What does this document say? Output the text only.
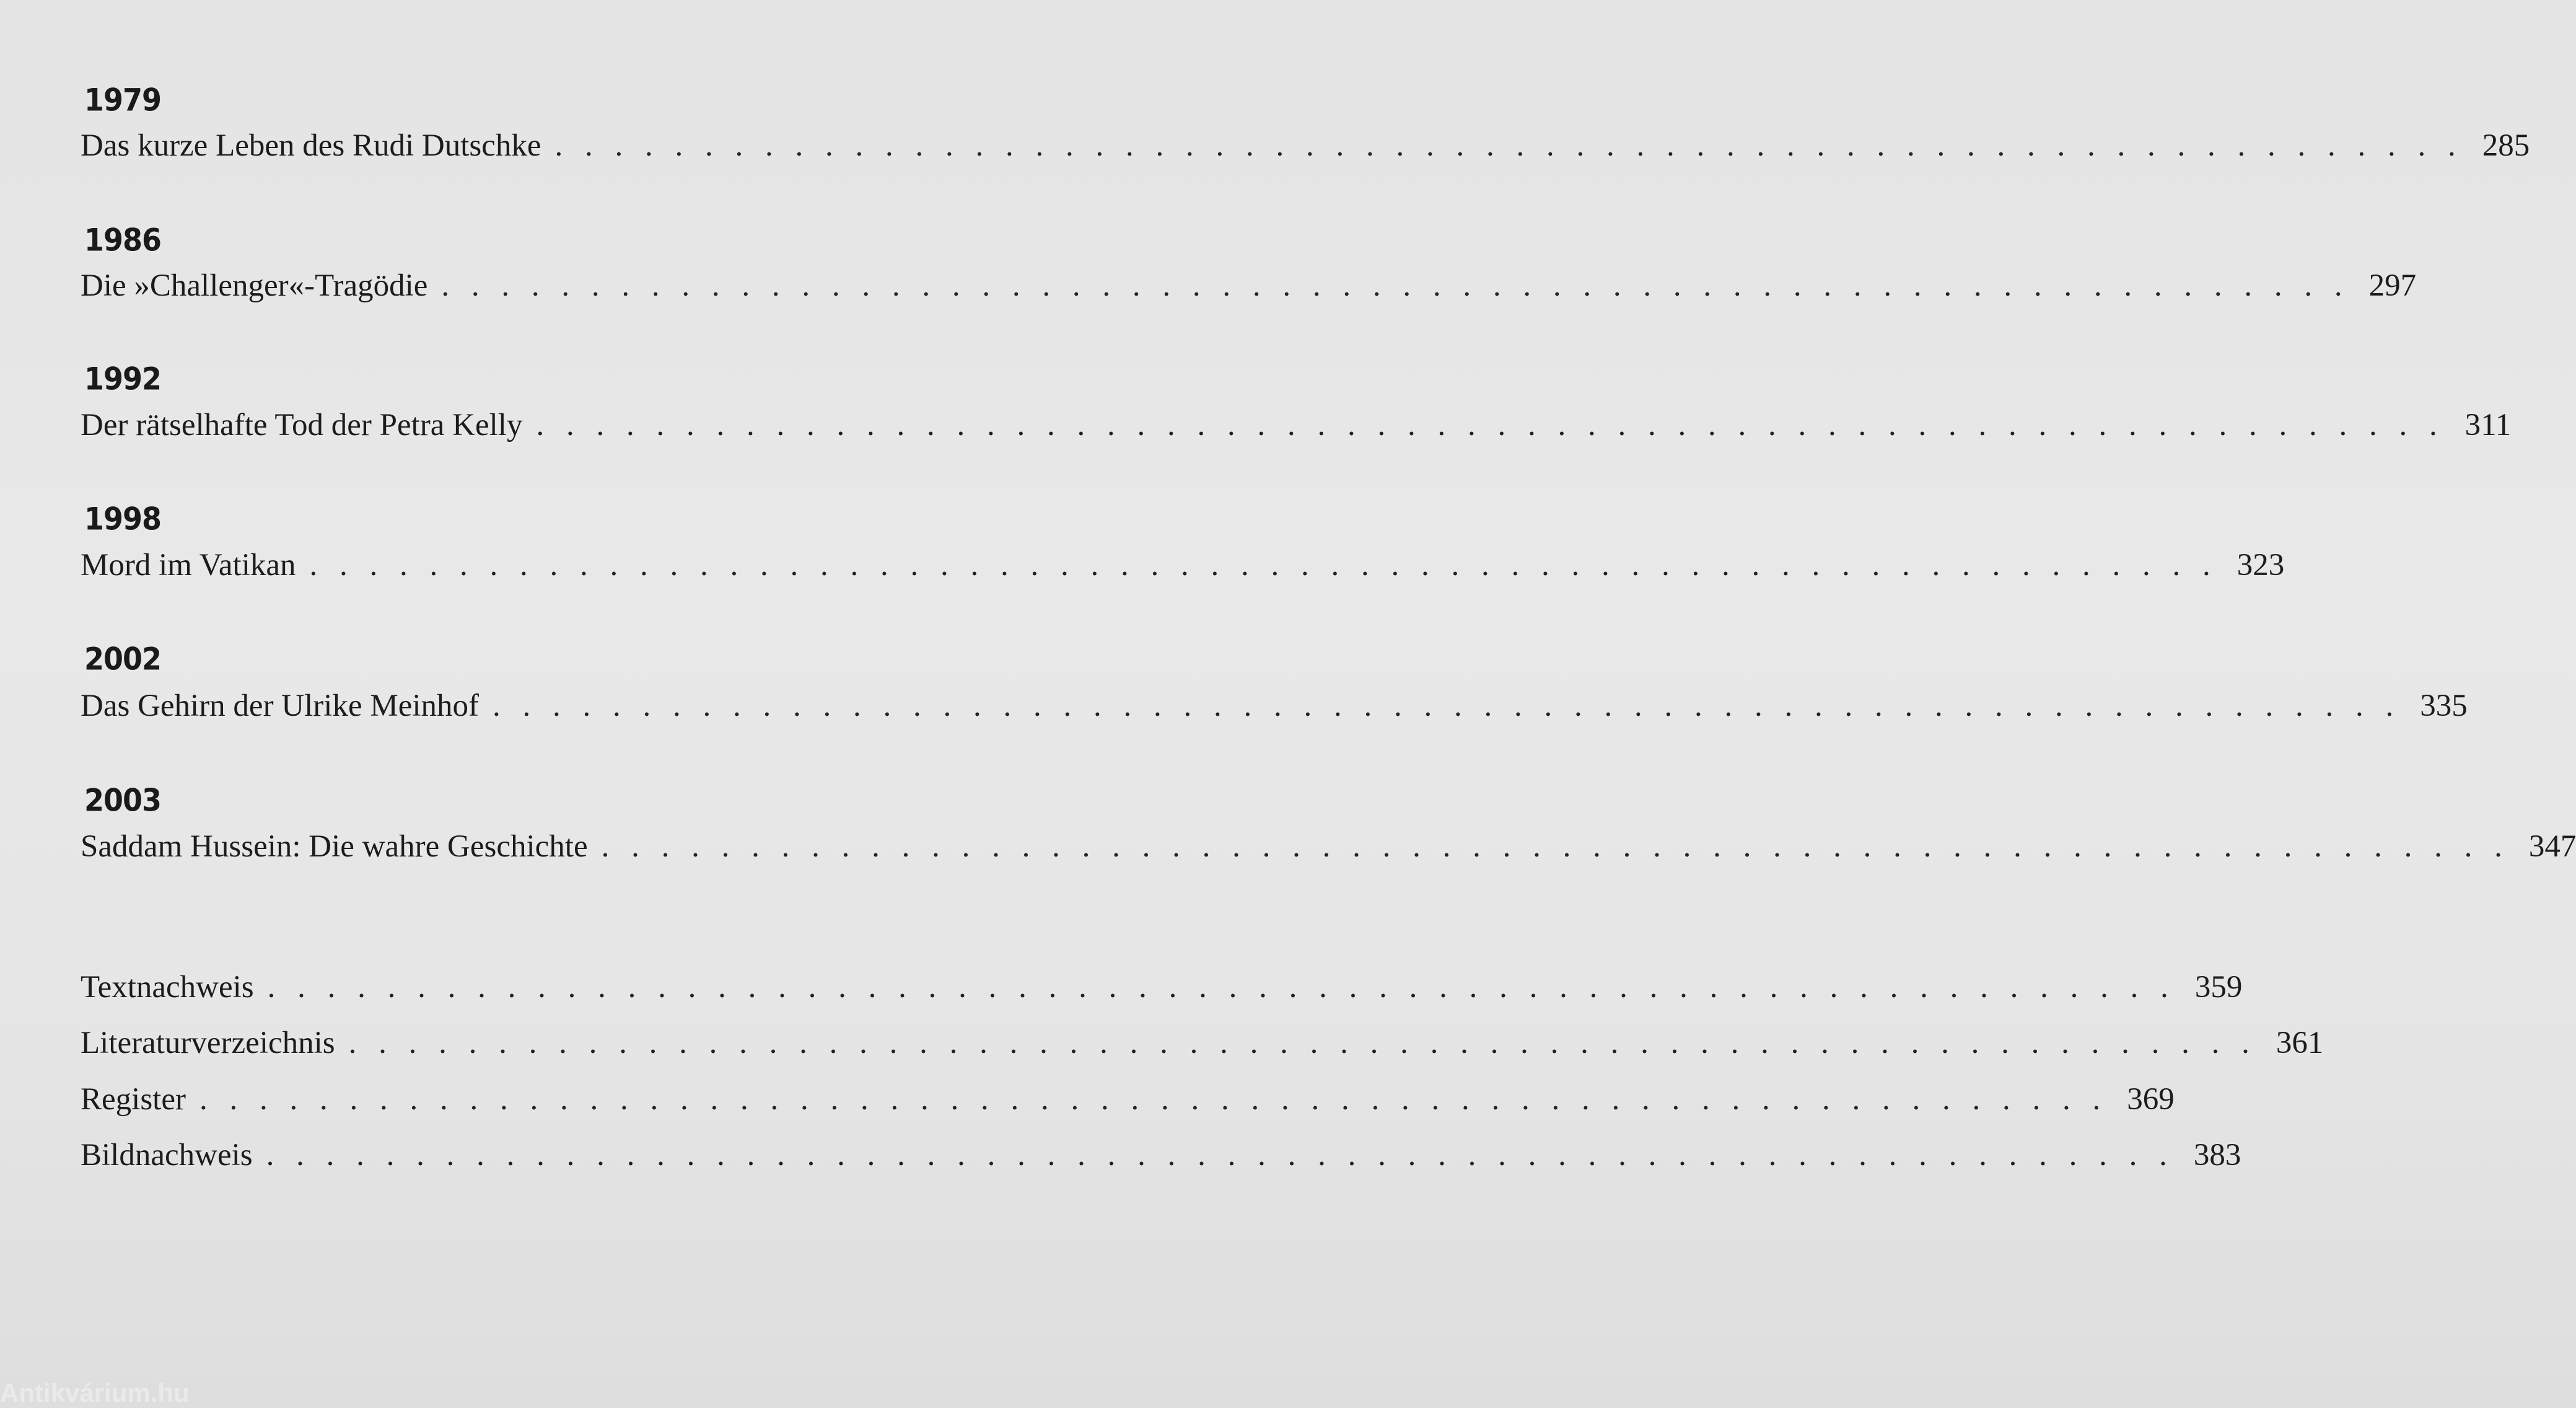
1979
Das kurze Leben des Rudi Dutschke . . . . . . . . . . . . . . . . . . . . . . . . . . . . . . . . . . . . . . . . . . . . . . . . . . . . . . . . . . . . . . . . 285
1986
Die »Challenger«-Tragödie . . . . . . . . . . . . . . . . . . . . . . . . . . . . . . . . . . . . . . . . . . . . . . . . . . . . . . . . . . . . . . . . 297
1992
Der rätselhafte Tod der Petra Kelly . . . . . . . . . . . . . . . . . . . . . . . . . . . . . . . . . . . . . . . . . . . . . . . . . . . . . . . . . . . . . . . . 311
1998
Mord im Vatikan . . . . . . . . . . . . . . . . . . . . . . . . . . . . . . . . . . . . . . . . . . . . . . . . . . . . . . . . . . . . . . . . 323
2002
Das Gehirn der Ulrike Meinhof . . . . . . . . . . . . . . . . . . . . . . . . . . . . . . . . . . . . . . . . . . . . . . . . . . . . . . . . . . . . . . . . 335
2003
Saddam Hussein: Die wahre Geschichte . . . . . . . . . . . . . . . . . . . . . . . . . . . . . . . . . . . . . . . . . . . . . . . . . . . . . . . . . . . . . . . . 347
Textnachweis . . . . . . . . . . . . . . . . . . . . . . . . . . . . . . . . . . . . . . . . . . . . . . . . . . . . . . . . . . . . . . . . 359
Literaturverzeichnis . . . . . . . . . . . . . . . . . . . . . . . . . . . . . . . . . . . . . . . . . . . . . . . . . . . . . . . . . . . . . . . . 361
Register . . . . . . . . . . . . . . . . . . . . . . . . . . . . . . . . . . . . . . . . . . . . . . . . . . . . . . . . . . . . . . . . 369
Bildnachweis . . . . . . . . . . . . . . . . . . . . . . . . . . . . . . . . . . . . . . . . . . . . . . . . . . . . . . . . . . . . . . . . 383
Antikvárium.hu
